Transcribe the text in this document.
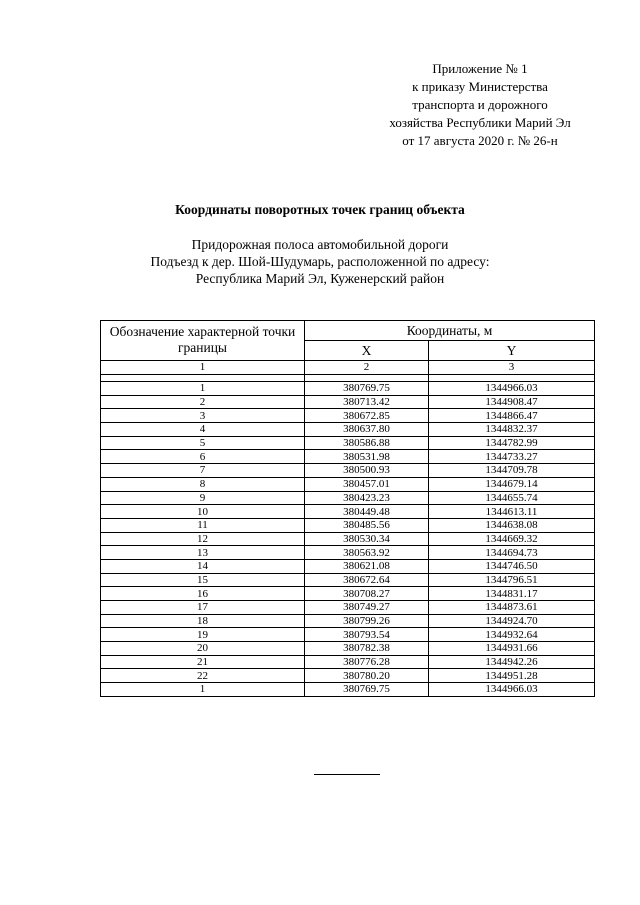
Приложение № 1
к приказу Министерства
транспорта и дорожного
хозяйства Республики Марий Эл
от 17 августа 2020 г. № 26-н
Координаты поворотных точек границ объекта
Придорожная полоса автомобильной дороги
Подъезд к дер. Шой-Шудумарь, расположенной по адресу:
Республика Марий Эл, Куженерский район
Обозначение характерной точки границы	Координаты, м	
	X	Y
1	2	3

1	380769.75	1344966.03
2	380713.42	1344908.47
3	380672.85	1344866.47
4	380637.80	1344832.37
5	380586.88	1344782.99
6	380531.98	1344733.27
7	380500.93	1344709.78
8	380457.01	1344679.14
9	380423.23	1344655.74
10	380449.48	1344613.11
11	380485.56	1344638.08
12	380530.34	1344669.32
13	380563.92	1344694.73
14	380621.08	1344746.50
15	380672.64	1344796.51
16	380708.27	1344831.17
17	380749.27	1344873.61
18	380799.26	1344924.70
19	380793.54	1344932.64
20	380782.38	1344931.66
21	380776.28	1344942.26
22	380780.20	1344951.28
1	380769.75	1344966.03
